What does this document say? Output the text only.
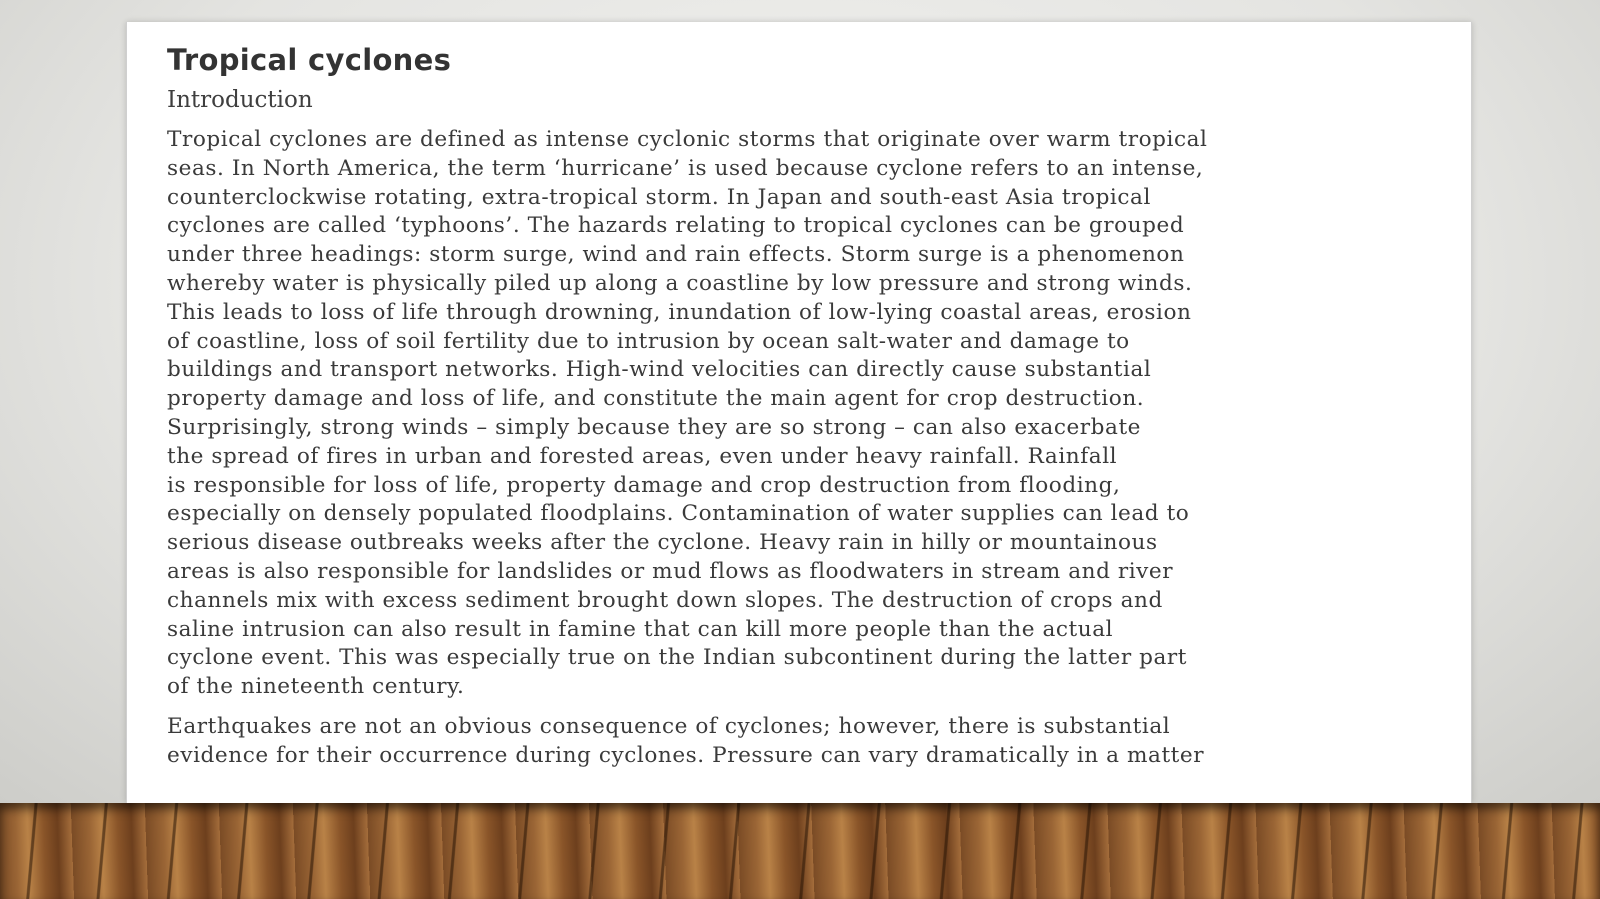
Tropical cyclones
Introduction

Tropical cyclones are defined as intense cyclonic storms that originate over warm tropical
seas. In North America, the term ‘hurricane’ is used because cyclone refers to an intense,
counterclockwise rotating, extra-tropical storm. In Japan and south-east Asia tropical
cyclones are called ‘typhoons’. The hazards relating to tropical cyclones can be grouped
under three headings: storm surge, wind and rain effects. Storm surge is a phenomenon
whereby water is physically piled up along a coastline by low pressure and strong winds.
This leads to loss of life through drowning, inundation of low-lying coastal areas, erosion
of coastline, loss of soil fertility due to intrusion by ocean salt-water and damage to
buildings and transport networks. High-wind velocities can directly cause substantial
property damage and loss of life, and constitute the main agent for crop destruction.
Surprisingly, strong winds – simply because they are so strong – can also exacerbate
the spread of fires in urban and forested areas, even under heavy rainfall. Rainfall
is responsible for loss of life, property damage and crop destruction from flooding,
especially on densely populated floodplains. Contamination of water supplies can lead to
serious disease outbreaks weeks after the cyclone. Heavy rain in hilly or mountainous
areas is also responsible for landslides or mud flows as floodwaters in stream and river
channels mix with excess sediment brought down slopes. The destruction of crops and
saline intrusion can also result in famine that can kill more people than the actual
cyclone event. This was especially true on the Indian subcontinent during the latter part
of the nineteenth century.

Earthquakes are not an obvious consequence of cyclones; however, there is substantial
evidence for their occurrence during cyclones. Pressure can vary dramatically in a matter
